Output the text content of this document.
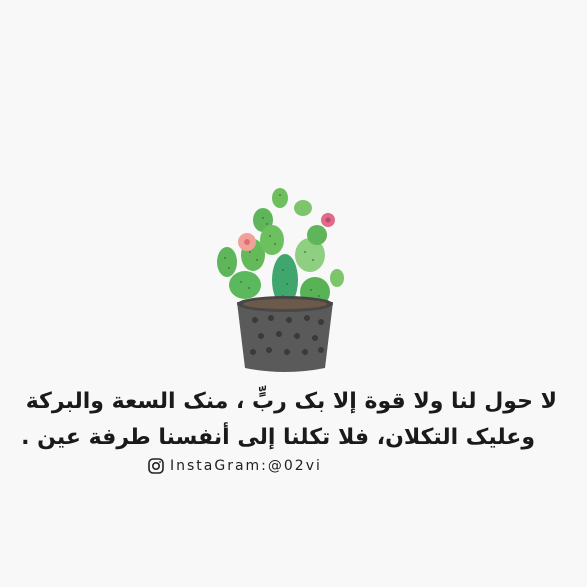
لا حول لنا ولا قوة إلا بک ربٍّ ، منک السعة والبركة
وعليک التکلان، فلا تكلنا إلى أنفسنا طرفة عين .

InstaGram:@02vi
